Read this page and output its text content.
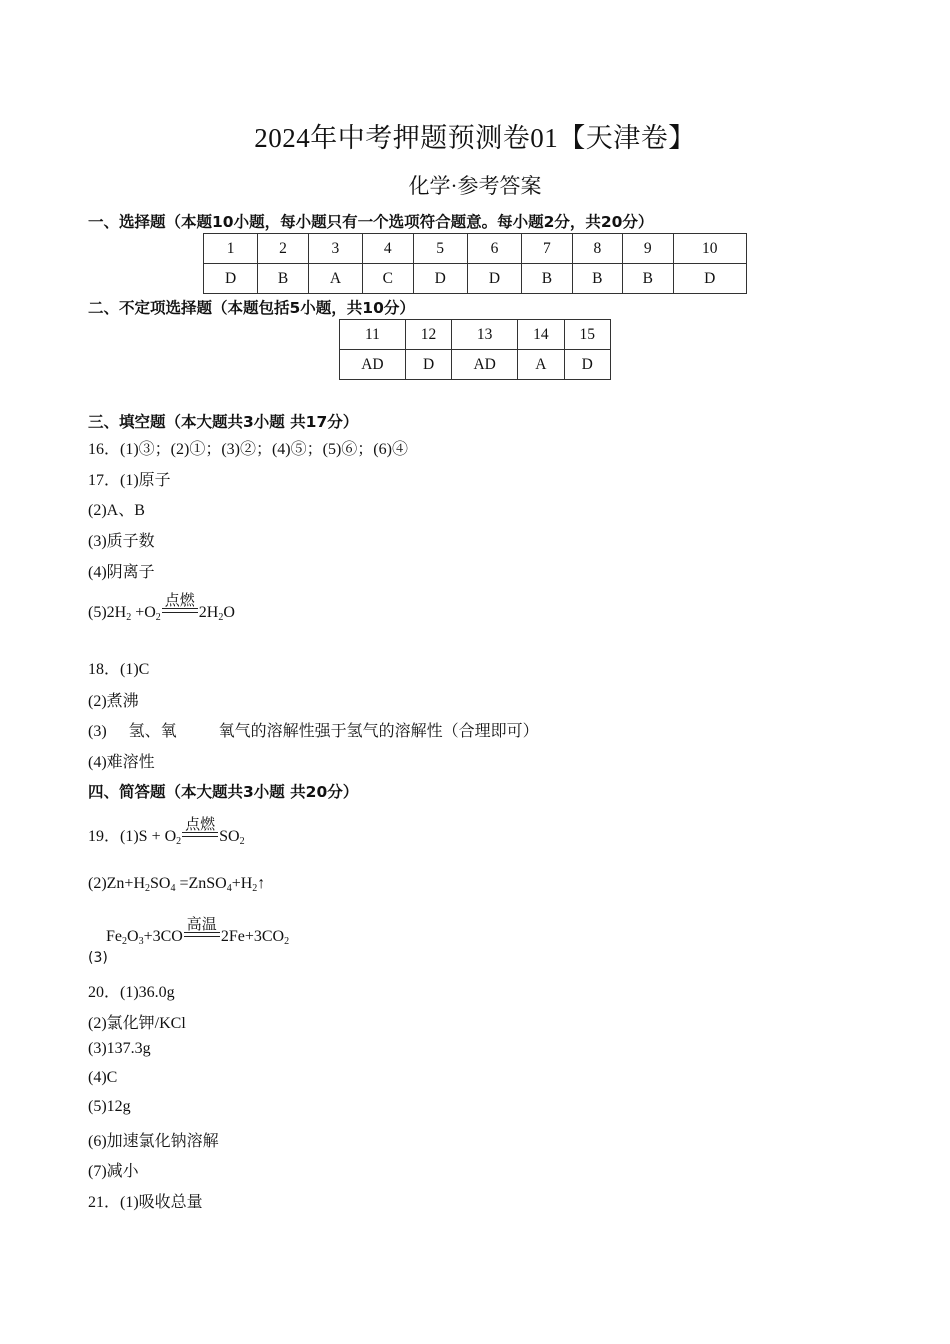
2024年中考押题预测卷01【天津卷】
化学·参考答案
一、选择题（本题10小题，每小题只有一个选项符合题意。每小题2分，共20分）
1	2	3	4	5	6	7	8	9	10
D	B	A	C	D	D	B	B	B	D
二、不定项选择题（本题包括5小题，共10分）
11	12	13	14	15
AD	D	AD	A	D
三、填空题（本大题共3小题 共17分）
16．(1)③；(2)①；(3)②；(4)⑤；(5)⑥；(6)④
17．(1)原子
(2)A、B
(3)质子数
(4)阴离子
$(5)2H_2 +O_2$
点燃
$2H_2O$
18．(1)C
(2)煮沸
(3) 氢、氧	氧气的溶解性强于氢气的溶解性（合理即可）
(4)难溶性
四、简答题（本大题共3小题 共20分）
19．$(1)S + O_2$
点燃
$SO_2$
$(2)Zn+H_2SO_4$ $=ZnSO_4+H_2↑$
$Fe_2O_3+3CO$
高温
$2Fe+3CO_2$
(3)
20．(1)36.0g
(2)氯化钾/KCl
(3)137.3g
(4)C
(5)12g
(6)加速氯化钠溶解
(7)减小
21．(1)吸收总量
